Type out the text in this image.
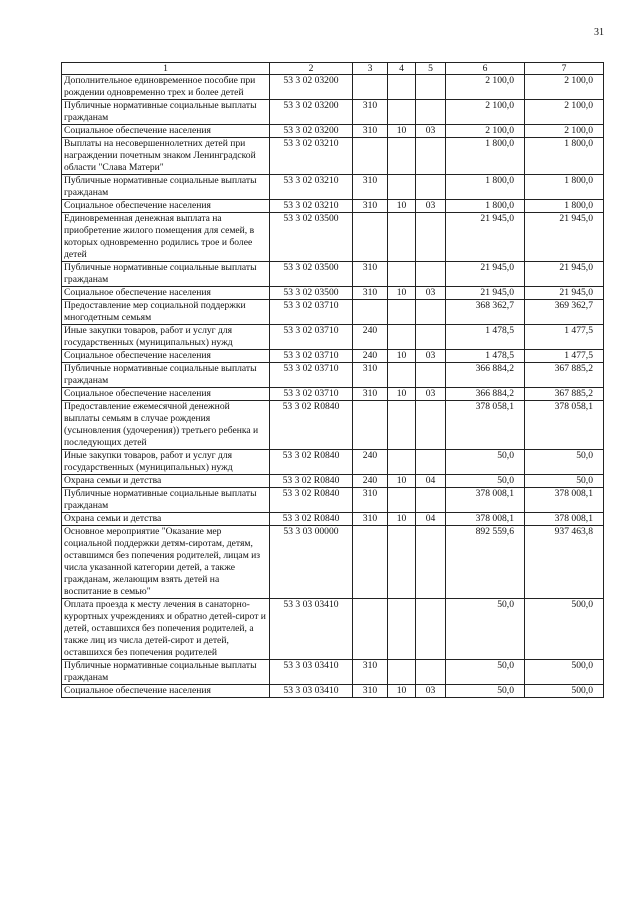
31
1	2	3	4	5	6	7
Дополнительное единовременное пособие при рождении одновременно трех и более детей	53 3 02 03200				2 100,0	2 100,0
Публичные нормативные социальные выплаты гражданам	53 3 02 03200	310			2 100,0	2 100,0
Социальное обеспечение населения	53 3 02 03200	310	10	03	2 100,0	2 100,0
Выплаты на несовершеннолетних детей при награждении почетным знаком Ленинградской области "Слава Матери"	53 3 02 03210				1 800,0	1 800,0
Публичные нормативные социальные выплаты гражданам	53 3 02 03210	310			1 800,0	1 800,0
Социальное обеспечение населения	53 3 02 03210	310	10	03	1 800,0	1 800,0
Единовременная денежная выплата на приобретение жилого помещения для семей, в которых одновременно родились трое и более детей	53 3 02 03500				21 945,0	21 945,0
Публичные нормативные социальные выплаты гражданам	53 3 02 03500	310			21 945,0	21 945,0
Социальное обеспечение населения	53 3 02 03500	310	10	03	21 945,0	21 945,0
Предоставление мер социальной поддержки многодетным семьям	53 3 02 03710				368 362,7	369 362,7
Иные закупки товаров, работ и услуг для государственных (муниципальных) нужд	53 3 02 03710	240			1 478,5	1 477,5
Социальное обеспечение населения	53 3 02 03710	240	10	03	1 478,5	1 477,5
Публичные нормативные социальные выплаты гражданам	53 3 02 03710	310			366 884,2	367 885,2
Социальное обеспечение населения	53 3 02 03710	310	10	03	366 884,2	367 885,2
Предоставление ежемесячной денежной выплаты семьям в случае рождения (усыновления (удочерения)) третьего ребенка и последующих детей	53 3 02 R0840				378 058,1	378 058,1
Иные закупки товаров, работ и услуг для государственных (муниципальных) нужд	53 3 02 R0840	240			50,0	50,0
Охрана семьи и детства	53 3 02 R0840	240	10	04	50,0	50,0
Публичные нормативные социальные выплаты гражданам	53 3 02 R0840	310			378 008,1	378 008,1
Охрана семьи и детства	53 3 02 R0840	310	10	04	378 008,1	378 008,1
Основное мероприятие "Оказание мер социальной поддержки детям-сиротам, детям, оставшимся без попечения родителей, лицам из числа указанной категории детей, а также гражданам, желающим взять детей на воспитание в семью"	53 3 03 00000				892 559,6	937 463,8
Оплата проезда к месту лечения в санаторно-курортных учреждениях и обратно детей-сирот и детей, оставшихся без попечения родителей, а также лиц из числа детей-сирот и детей, оставшихся без попечения родителей	53 3 03 03410				50,0	500,0
Публичные нормативные социальные выплаты гражданам	53 3 03 03410	310			50,0	500,0
Социальное обеспечение населения	53 3 03 03410	310	10	03	50,0	500,0
